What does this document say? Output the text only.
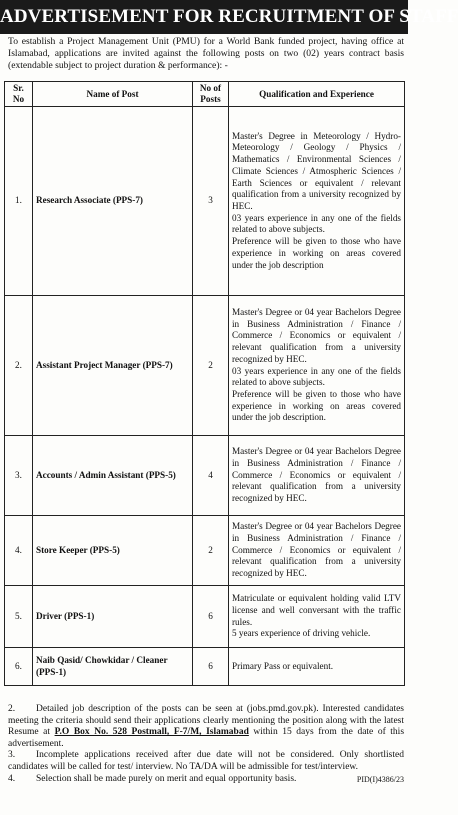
ADVERTISEMENT FOR RECRUITMENT OF STAFF
To establish a Project Management Unit (PMU) for a World Bank funded project, having office at Islamabad, applications are invited against the following posts on two (02) years contract basis (extendable subject to project duration & performance): -
Sr. No	Name of Post	No of Posts	Qualification and Experience
1.	Research Associate (PPS-7)	3	Master's Degree in Meteorology / Hydro-Meteorology / Geology / Physics / Mathematics / Environmental Sciences / Climate Sciences / Atmospheric Sciences / Earth Sciences or equivalent / relevant qualification from a university recognized by HEC.

03 years experience in any one of the fields related to above subjects.

Preference will be given to those who have experience in working on areas covered under the job description

2.	Assistant Project Manager (PPS-7)	2	Master's Degree or 04 year Bachelors Degree in Business Administration / Finance / Commerce / Economics or equivalent / relevant qualification from a university recognized by HEC.

03 years experience in any one of the fields related to above subjects.

Preference will be given to those who have experience in working on areas covered under the job description.

3.	Accounts / Admin Assistant (PPS-5)	4	Master's Degree or 04 year Bachelors Degree in Business Administration / Finance / Commerce / Economics or equivalent / relevant qualification from a university recognized by HEC.

4.	Store Keeper (PPS-5)	2	Master's Degree or 04 year Bachelors Degree in Business Administration / Finance / Commerce / Economics or equivalent / relevant qualification from a university recognized by HEC.

5.	Driver (PPS-1)	6	Matriculate or equivalent holding valid LTV license and well conversant with the traffic rules.

5 years experience of driving vehicle.

6.	Naib Qasid/ Chowkidar / Cleaner (PPS-1)	6	Primary Pass or equivalent.

2. Detailed job description of the posts can be seen at (jobs.pmd.gov.pk). Interested candidates meeting the criteria should send their applications clearly mentioning the position along with the latest Resume at P.O Box No. 528 Postmall, F-7/M, Islamabad within 15 days from the date of this advertisement.

3. Incomplete applications received after due date will not be considered. Only shortlisted candidates will be called for test/ interview. No TA/DA will be admissible for test/interview.

4. Selection shall be made purely on merit and equal opportunity basis.	PID(I)4386/23
